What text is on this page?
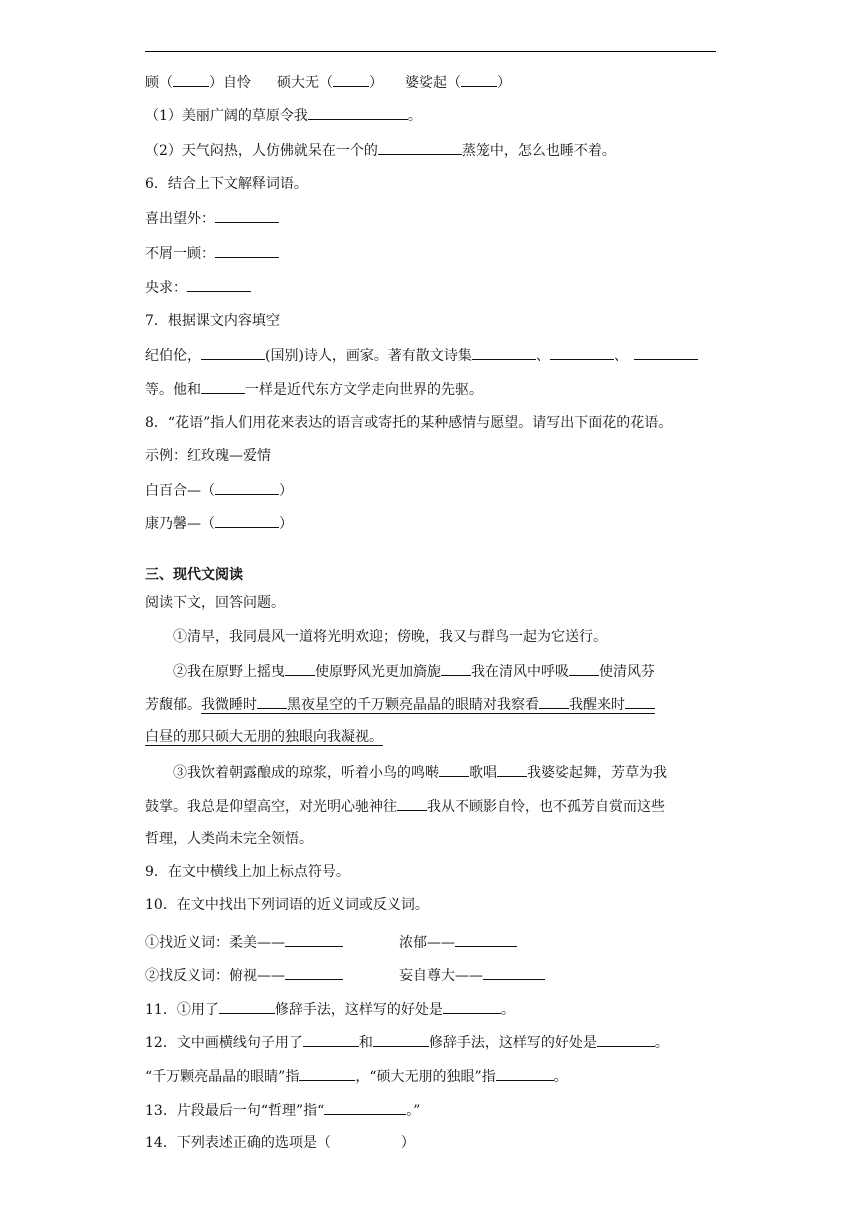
顾（	）自怜 硕大无（	） 婆娑起（	）
（1）美丽广阔的草原令我	。
（2）天气闷热，人仿佛就呆在一个的	蒸笼中，怎么也睡不着。
6．结合上下文解释词语。
喜出望外：
不屑一顾：
央求：
7．根据课文内容填空
纪伯伦，	(国别)诗人，画家。著有散文诗集	、	、
等。他和	一样是近代东方文学走向世界的先驱。
8．“花语”指人们用花来表达的语言或寄托的某种感情与愿望。请写出下面花的花语。
示例：红玫瑰—爱情
白百合—（	）
康乃馨—（	）
三、现代文阅读
阅读下文，回答问题。
①清早，我同晨风一道将光明欢迎；傍晚，我又与群鸟一起为它送行。
②我在原野上摇曳 使原野风光更加旖旎 我在清风中呼吸 使清风芬
芳馥郁。我微睡时 黑夜星空的千万颗亮晶晶的眼睛对我察看 我醒来时
白昼的那只硕大无朋的独眼向我凝视。
③我饮着朝露酿成的琼浆，听着小鸟的鸣啭 歌唱 我婆娑起舞，芳草为我
鼓掌。我总是仰望高空，对光明心驰神往 我从不顾影自怜，也不孤芳自赏而这些
哲理，人类尚未完全领悟。
9．在文中横线上加上标点符号。
10．在文中找出下列词语的近义词或反义词。
①找近义词：柔美——	浓郁——
②找反义词：俯视——	妄自尊大——
11．①用了	修辞手法，这样写的好处是	。
12．文中画横线句子用了	和	修辞手法，这样写的好处是	。
“千万颗亮晶晶的眼睛”指	，“硕大无朋的独眼”指	。
13．片段最后一句“哲理”指“	。”
14．下列表述正确的选项是（	）
